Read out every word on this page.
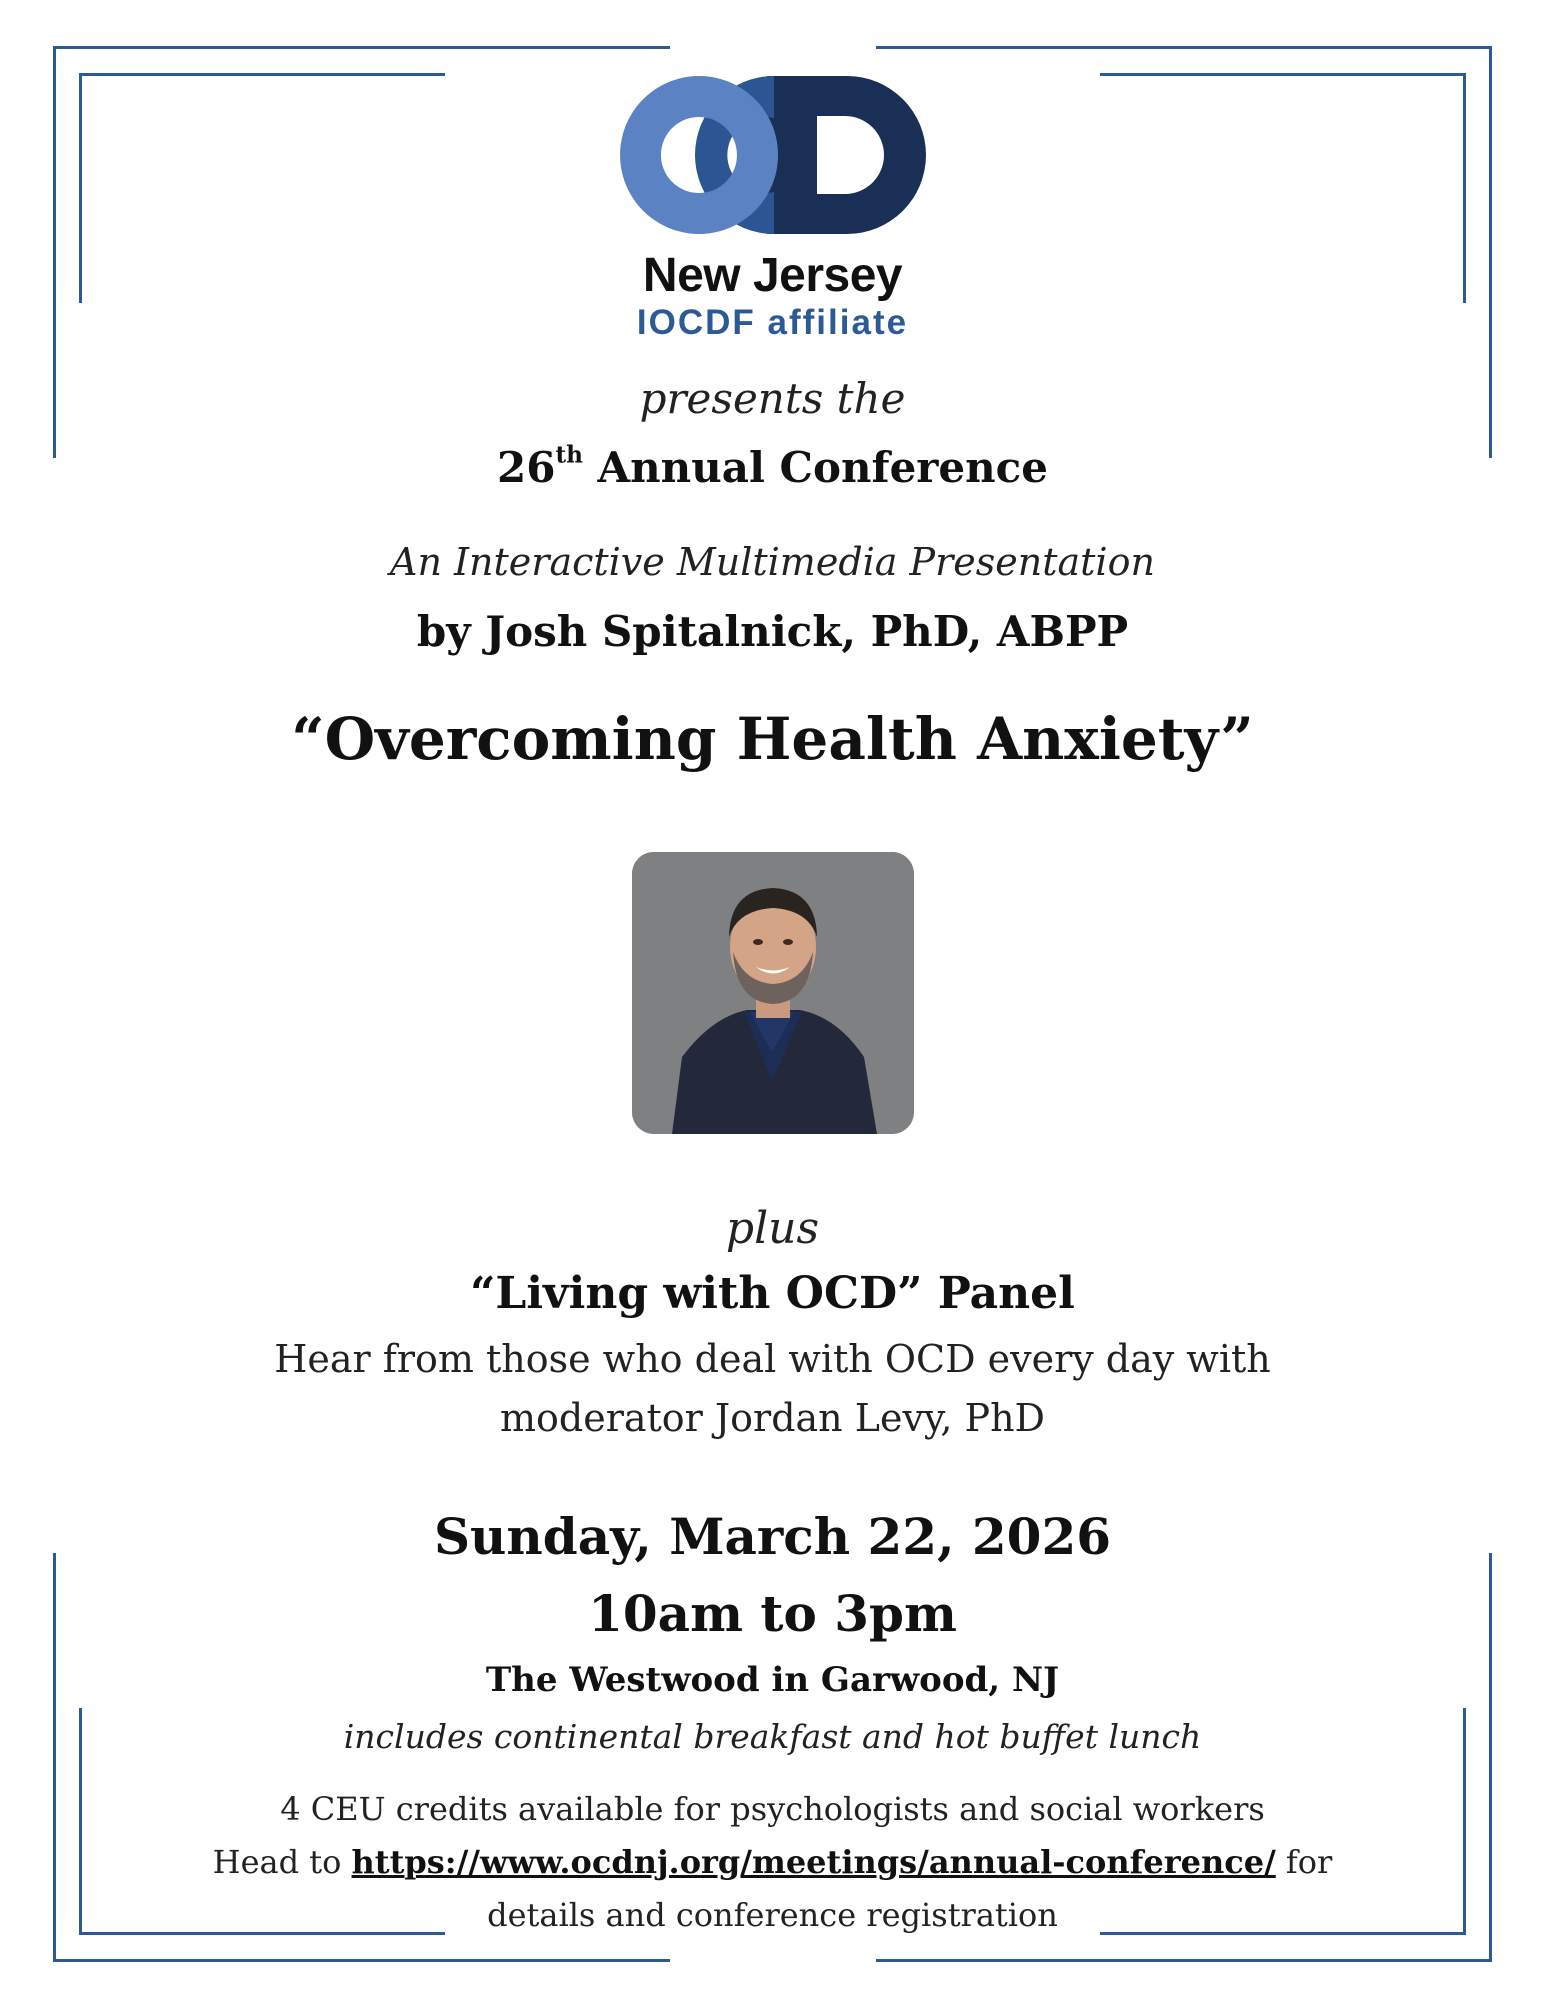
New Jersey
IOCDF affiliate
presents the
26th Annual Conference
An Interactive Multimedia Presentation
by Josh Spitalnick, PhD, ABPP
“Overcoming Health Anxiety”
plus
“Living with OCD” Panel
Hear from those who deal with OCD every day with
moderator Jordan Levy, PhD
Sunday, March 22, 2026
10am to 3pm
The Westwood in Garwood, NJ
includes continental breakfast and hot buffet lunch
4 CEU credits available for psychologists and social workers
Head to https://www.ocdnj.org/meetings/annual-conference/ for
details and conference registration
